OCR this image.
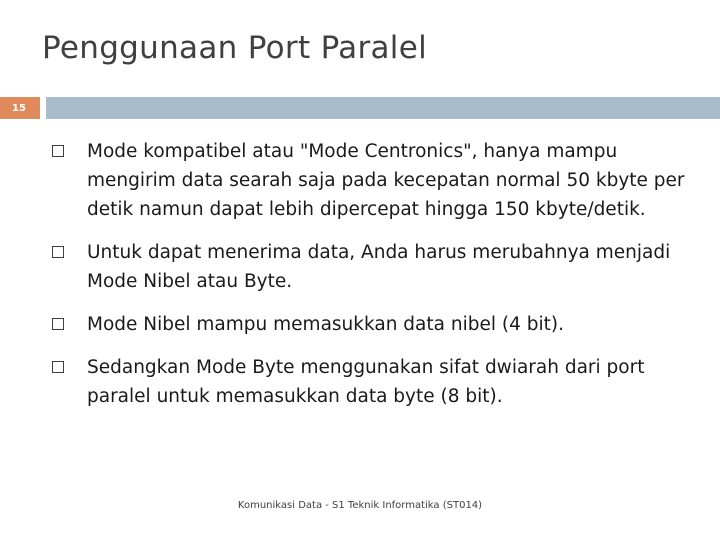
Penggunaan Port Paralel
15
Mode kompatibel atau "Mode Centronics", hanya mampu mengirim data searah saja pada kecepatan normal 50 kbyte per detik namun dapat lebih dipercepat hingga 150 kbyte/detik.
Untuk dapat menerima data, Anda harus merubahnya menjadi Mode Nibel atau Byte.
Mode Nibel mampu memasukkan data nibel (4 bit).
Sedangkan Mode Byte menggunakan sifat dwiarah dari port paralel untuk memasukkan data byte (8 bit).
Komunikasi Data - S1 Teknik Informatika (ST014)
